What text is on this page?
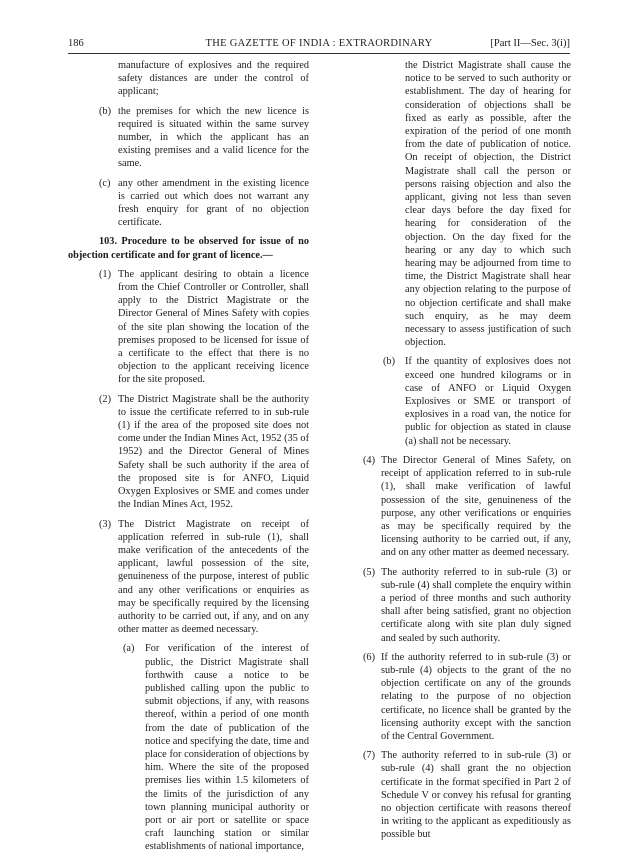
186	THE GAZETTE OF INDIA : EXTRAORDINARY	[Part II—Sec. 3(i)]
manufacture of explosives and the required safety distances are under the control of applicant;
(b) the premises for which the new licence is required is situated within the same survey number, in which the applicant has an existing premises and a valid licence for the same.
(c) any other amendment in the existing licence is carried out which does not warrant any fresh enquiry for grant of no objection certificate.
103. Procedure to be observed for issue of no objection certificate and for grant of licence.—
(1) The applicant desiring to obtain a licence from the Chief Controller or Controller, shall apply to the District Magistrate or the Director General of Mines Safety with copies of the site plan showing the location of the premises proposed to be licensed for issue of a certificate to the effect that there is no objection to the applicant receiving licence for the site proposed.
(2) The District Magistrate shall be the authority to issue the certificate referred to in sub-rule (1) if the area of the proposed site does not come under the Indian Mines Act, 1952 (35 of 1952) and the Director General of Mines Safety shall be such authority if the area of the proposed site is for ANFO, Liquid Oxygen Explosives or SME and comes under the Indian Mines Act, 1952.
(3) The District Magistrate on receipt of application referred in sub-rule (1), shall make verification of the antecedents of the applicant, lawful possession of the site, genuineness of the purpose, interest of public and any other verifications or enquiries as may be specifically required by the licensing authority to be carried out, if any, and on any other matter as deemed necessary.
(a) For verification of the interest of public, the District Magistrate shall forthwith cause a notice to be published calling upon the public to submit objections, if any, with reasons thereof, within a period of one month from the date of publication of the notice and specifying the date, time and place for consideration of objections by him. Where the site of the proposed premises lies within 1.5 kilometers of the limits of the jurisdiction of any town planning municipal authority or port or air port or satellite or space craft launching station or similar establishments of national importance,
the District Magistrate shall cause the notice to be served to such authority or establishment. The day of hearing for consideration of objections shall be fixed as early as possible, after the expiration of the period of one month from the date of publication of notice. On receipt of objection, the District Magistrate shall call the person or persons raising objection and also the applicant, giving not less than seven clear days before the day fixed for hearing for consideration of the objection. On the day fixed for the hearing or any day to which such hearing may be adjourned from time to time, the District Magistrate shall hear any objection relating to the purpose of no objection certificate and shall make such enquiry, as he may deem necessary to assess justification of such objection.
(b) If the quantity of explosives does not exceed one hundred kilograms or in case of ANFO or Liquid Oxygen Explosives or SME or transport of explosives in a road van, the notice for public for objection as stated in clause (a) shall not be necessary.
(4) The Director General of Mines Safety, on receipt of application referred to in sub-rule (1), shall make verification of lawful possession of the site, genuineness of the purpose, any other verifications or enquiries as may be specifically required by the licensing authority to be carried out, if any, and on any other matter as deemed necessary.
(5) The authority referred to in sub-rule (3) or sub-rule (4) shall complete the enquiry within a period of three months and such authority shall after being satisfied, grant no objection certificate along with site plan duly signed and sealed by such authority.
(6) If the authority referred to in sub-rule (3) or sub-rule (4) objects to the grant of the no objection certificate on any of the grounds relating to the purpose of no objection certificate, no licence shall be granted by the licensing authority except with the sanction of the Central Government.
(7) The authority referred to in sub-rule (3) or sub-rule (4) shall grant the no objection certificate in the format specified in Part 2 of Schedule V or convey his refusal for granting no objection certificate with reasons thereof in writing to the applicant as expeditiously as possible but
